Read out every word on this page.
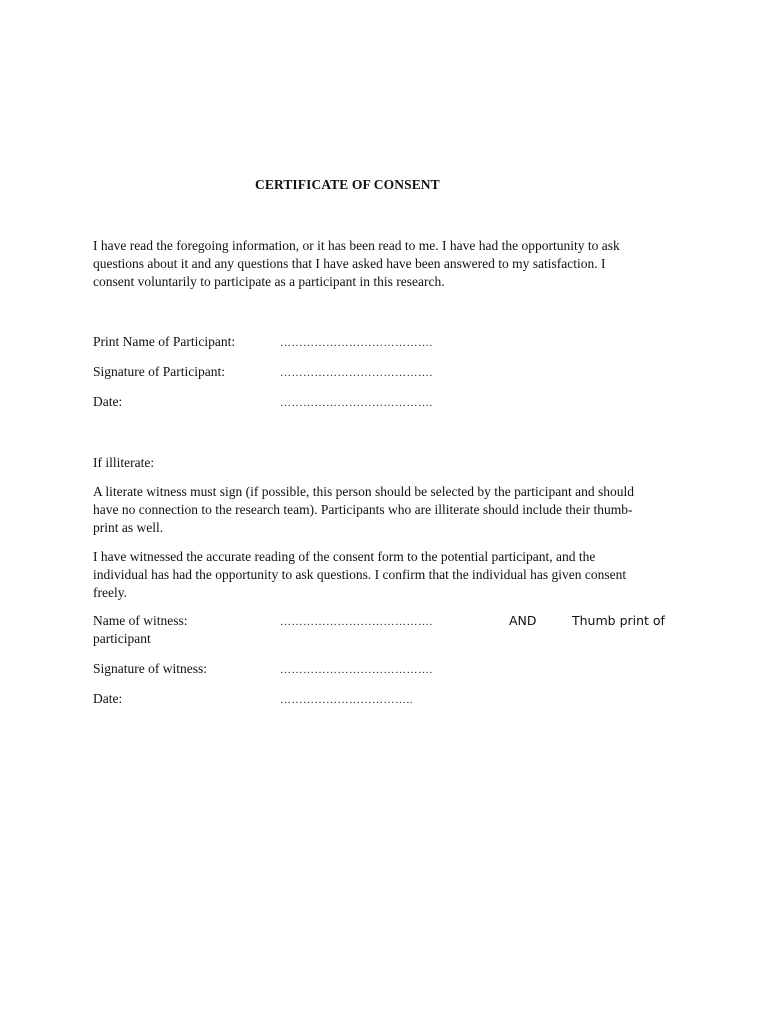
CERTIFICATE OF CONSENT
I have read the foregoing information, or it has been read to me. I have had the opportunity to ask
questions about it and any questions that I have asked have been answered to my satisfaction. I
consent voluntarily to participate as a participant in this research.
Print Name of Participant:	………………………………….
Signature of Participant:	………………………………….
Date:	………………………………….
If illiterate:
A literate witness must sign (if possible, this person should be selected by the participant and should
have no connection to the research team). Participants who are illiterate should include their thumb-
print as well.
I have witnessed the accurate reading of the consent form to the potential participant, and the
individual has had the opportunity to ask questions. I confirm that the individual has given consent
freely.
Name of witness:	………………………………….	AND	Thumb print of
participant
Signature of witness:	………………………………….
Date:	……………………………..
